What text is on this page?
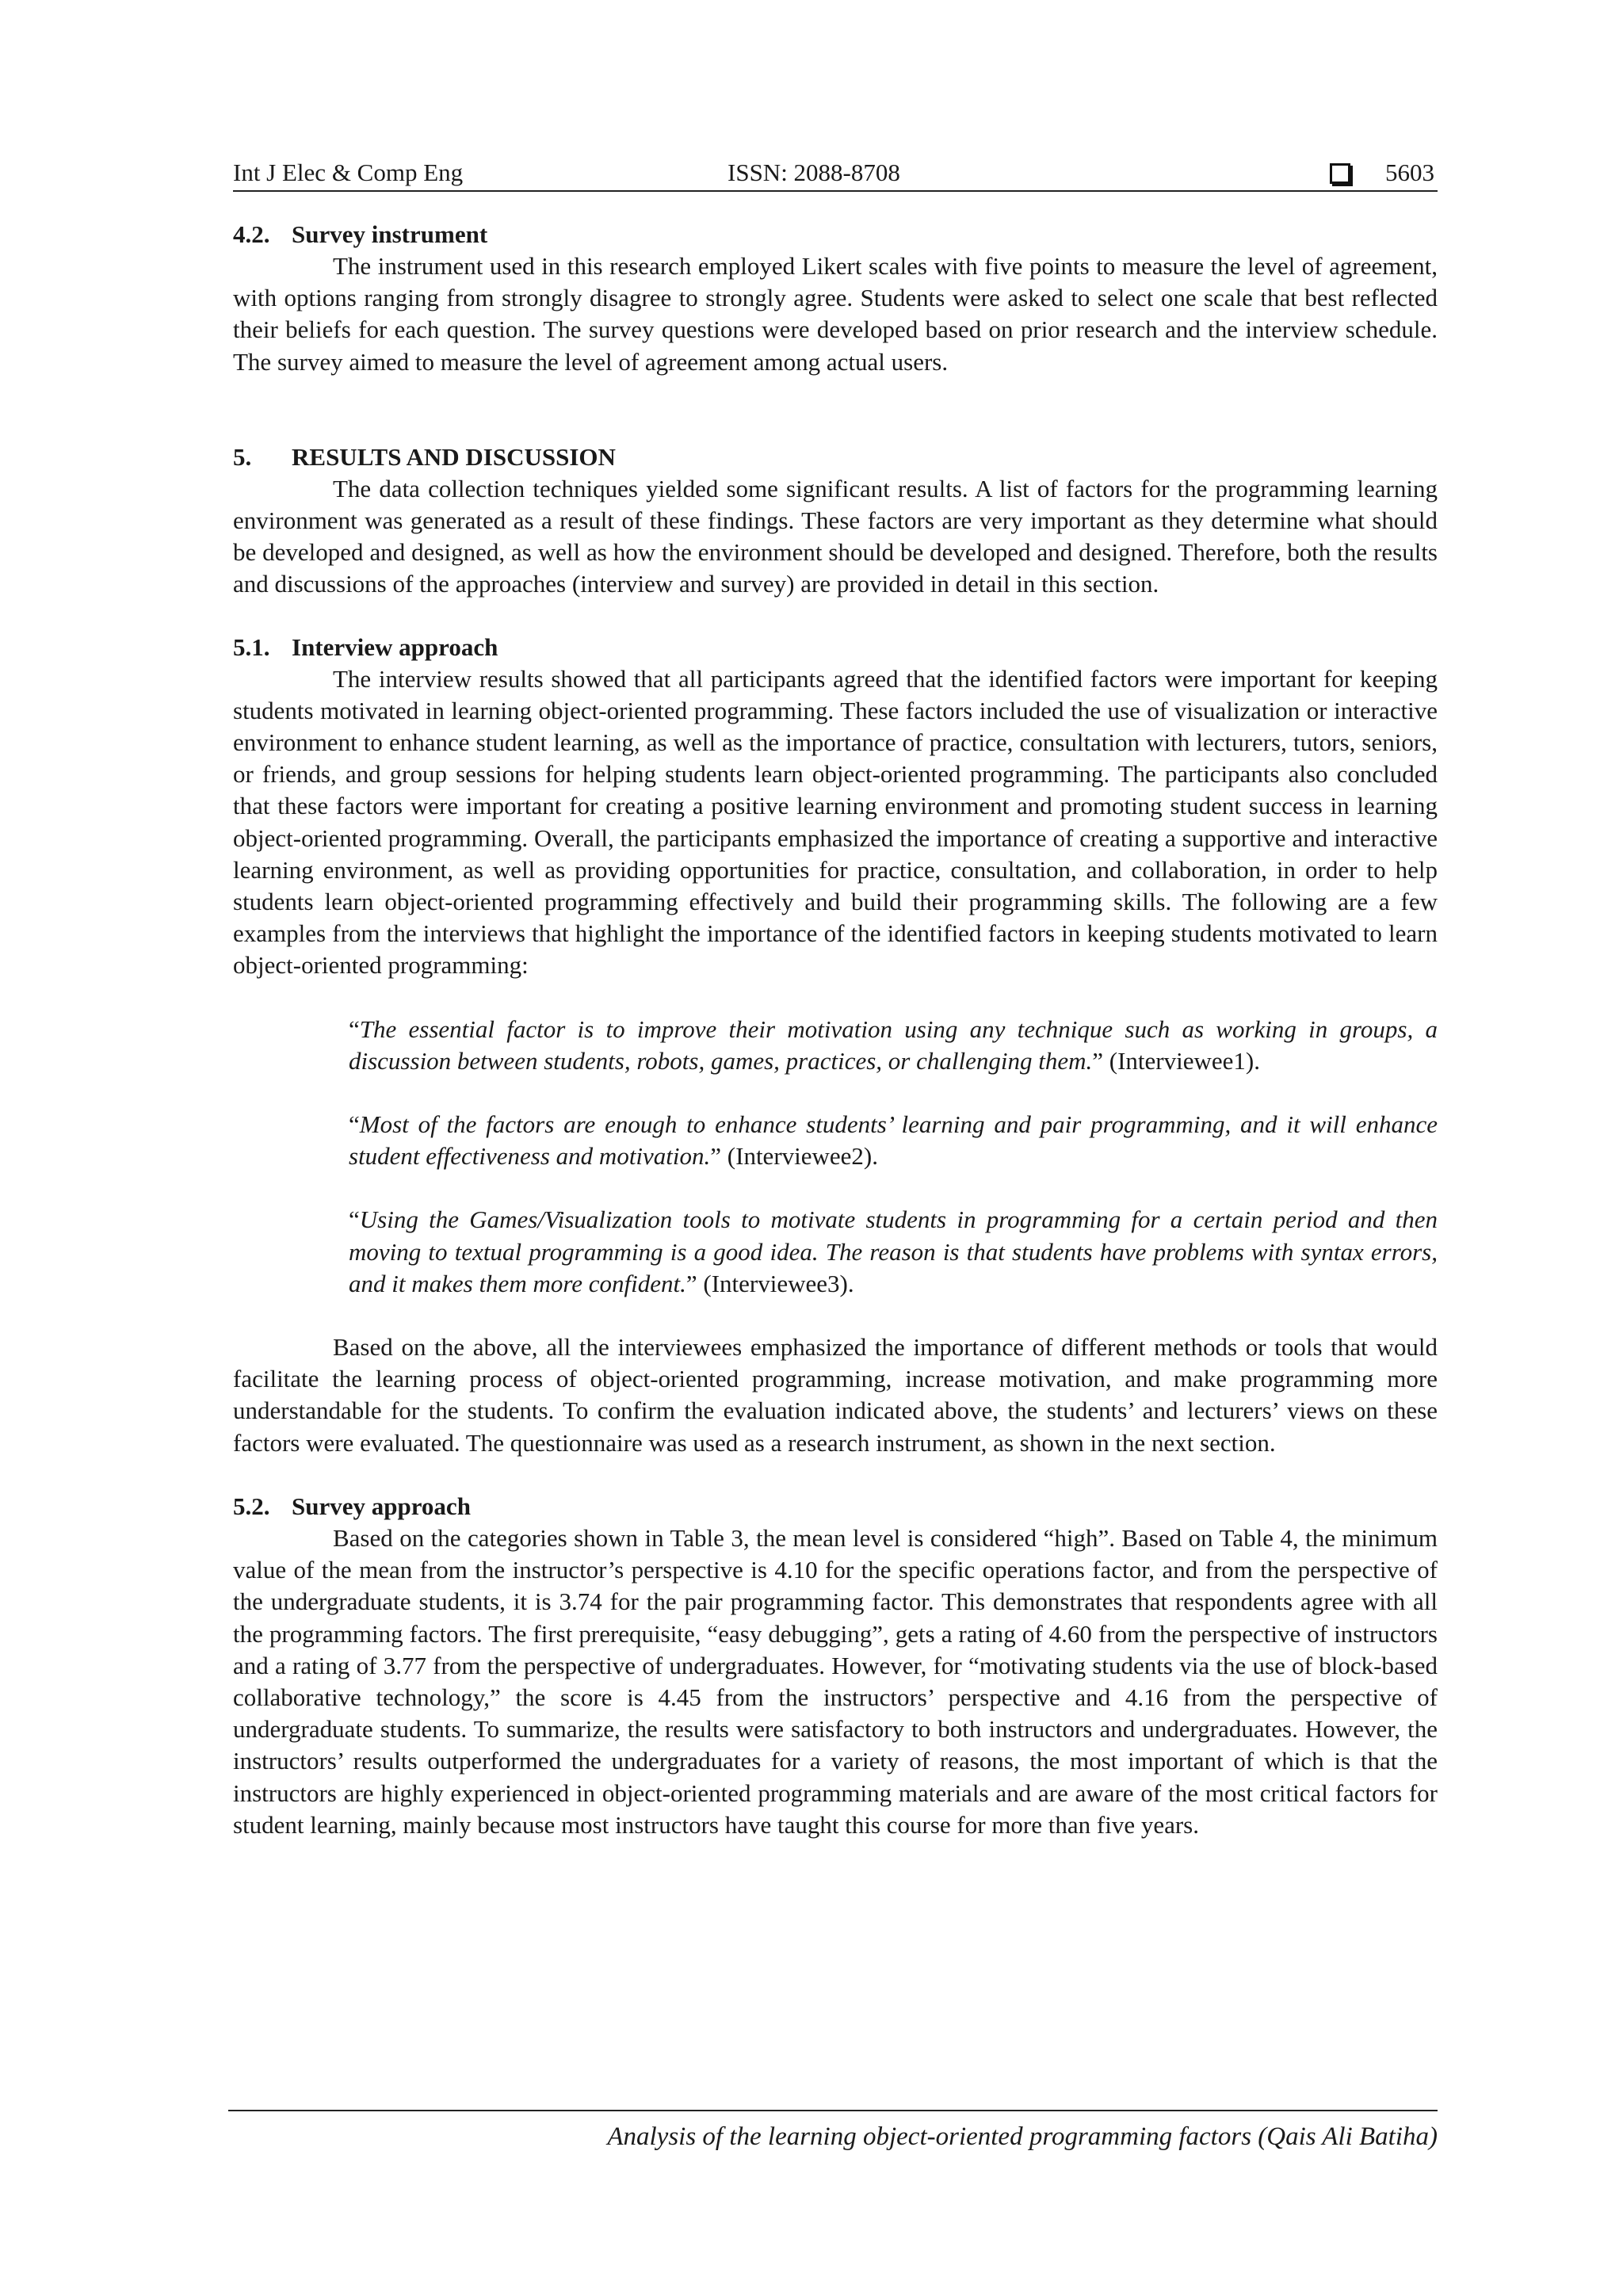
Int J Elec & Comp Eng	ISSN: 2088-8708	5603
4.2. Survey instrument

The instrument used in this research employed Likert scales with five points to measure the level of agreement, with options ranging from strongly disagree to strongly agree. Students were asked to select one scale that best reflected their beliefs for each question. The survey questions were developed based on prior research and the interview schedule. The survey aimed to measure the level of agreement among actual users.

5. RESULTS AND DISCUSSION

The data collection techniques yielded some significant results. A list of factors for the programming learning environment was generated as a result of these findings. These factors are very important as they determine what should be developed and designed, as well as how the environment should be developed and designed. Therefore, both the results and discussions of the approaches (interview and survey) are provided in detail in this section.

5.1. Interview approach

The interview results showed that all participants agreed that the identified factors were important for keeping students motivated in learning object-oriented programming. These factors included the use of visualization or interactive environment to enhance student learning, as well as the importance of practice, consultation with lecturers, tutors, seniors, or friends, and group sessions for helping students learn object-oriented programming. The participants also concluded that these factors were important for creating a positive learning environment and promoting student success in learning object-oriented programming. Overall, the participants emphasized the importance of creating a supportive and interactive learning environment, as well as providing opportunities for practice, consultation, and collaboration, in order to help students learn object-oriented programming effectively and build their programming skills. The following are a few examples from the interviews that highlight the importance of the identified factors in keeping students motivated to learn object-oriented programming:

“The essential factor is to improve their motivation using any technique such as working in groups, a discussion between students, robots, games, practices, or challenging them.” (Interviewee1).
“Most of the factors are enough to enhance students’ learning and pair programming, and it will enhance student effectiveness and motivation.” (Interviewee2).
“Using the Games/Visualization tools to motivate students in programming for a certain period and then moving to textual programming is a good idea. The reason is that students have problems with syntax errors, and it makes them more confident.” (Interviewee3).

Based on the above, all the interviewees emphasized the importance of different methods or tools that would facilitate the learning process of object-oriented programming, increase motivation, and make programming more understandable for the students. To confirm the evaluation indicated above, the students’ and lecturers’ views on these factors were evaluated. The questionnaire was used as a research instrument, as shown in the next section.

5.2. Survey approach

Based on the categories shown in Table 3, the mean level is considered “high”. Based on Table 4, the minimum value of the mean from the instructor’s perspective is 4.10 for the specific operations factor, and from the perspective of the undergraduate students, it is 3.74 for the pair programming factor. This demonstrates that respondents agree with all the programming factors. The first prerequisite, “easy debugging”, gets a rating of 4.60 from the perspective of instructors and a rating of 3.77 from the perspective of undergraduates. However, for “motivating students via the use of block-based collaborative technology,” the score is 4.45 from the instructors’ perspective and 4.16 from the perspective of undergraduate students. To summarize, the results were satisfactory to both instructors and undergraduates. However, the instructors’ results outperformed the undergraduates for a variety of reasons, the most important of which is that the instructors are highly experienced in object-oriented programming materials and are aware of the most critical factors for student learning, mainly because most instructors have taught this course for more than five years.

Analysis of the learning object-oriented programming factors (Qais Ali Batiha)
